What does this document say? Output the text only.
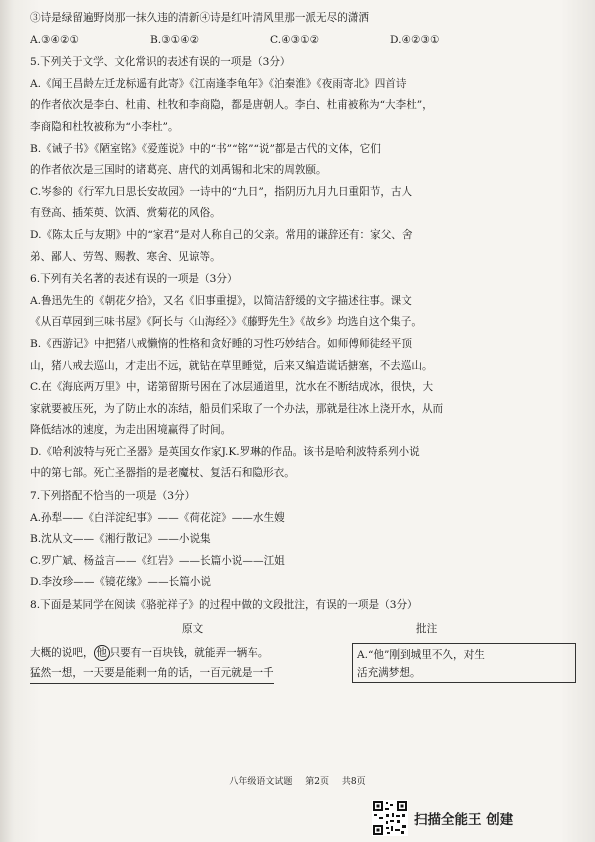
③诗是绿留遍野岗那一抹久违的清新④诗是红叶清风里那一派无尽的潇洒
A.③④②①	B.③①④②	C.④③①②	D.④②③①
5.下列关于文学、文化常识的表述有误的一项是（3分）
A.《闻王昌龄左迁龙标遥有此寄》《江南逢李龟年》《泊秦淮》《夜雨寄北》四首诗
的作者依次是李白、杜甫、杜牧和李商隐，都是唐朝人。李白、杜甫被称为“大李杜”，
李商隐和杜牧被称为“小李杜”。
B.《诫子书》《陋室铭》《爱莲说》中的“书”“铭”“说”都是古代的文体，它们
的作者依次是三国时的诸葛亮、唐代的刘禹锡和北宋的周敦颐。
C.岑参的《行军九日思长安故园》一诗中的“九日”，指阴历九月九日重阳节，古人
有登高、插茱萸、饮酒、赏菊花的风俗。
D.《陈太丘与友期》中的“家君”是对人称自己的父亲。常用的谦辞还有：家父、舍
弟、鄙人、劳驾、赐教、寒舍、见谅等。
6.下列有关名著的表述有误的一项是（3分）
A.鲁迅先生的《朝花夕拾》，又名《旧事重提》，以简洁舒缓的文字描述往事。课文
《从百草园到三味书屋》《阿长与〈山海经〉》《藤野先生》《故乡》均选自这个集子。
B.《西游记》中把猪八戒懒惰的性格和贪好睡的习性巧妙结合。如师傅师徒经平顶
山，猪八戒去巡山，才走出不远，就钻在草里睡觉，后来又编造谎话搪塞，不去巡山。
C.在《海底两万里》中，诺第留斯号困在了冰层通道里，沈水在不断结成冰，很快，大
家就要被压死，为了防止水的冻结，船员们采取了一个办法，那就是往冰上浇开水，从而
降低结冰的速度，为走出困境赢得了时间。
D.《哈利波特与死亡圣器》是英国女作家J.K.罗琳的作品。该书是哈利波特系列小说
中的第七部。死亡圣器指的是老魔杖、复活石和隐形衣。
7.下列搭配不恰当的一项是（3分）
A.孙犁——《白洋淀纪事》——《荷花淀》——水生嫂
B.沈从文——《湘行散记》——小说集
C.罗广斌、杨益言——《红岩》——长篇小说——江姐
D.李汝珍——《镜花缘》——长篇小说
8.下面是某同学在阅读《骆驼祥子》的过程中做的文段批注，有误的一项是（3分）
原文	批注
大概的说吧， 他 只要有一百块钱，就能弄一辆车。
猛然一想，一天要是能剩一角的话，一百元就是一千
A.“他”刚到城里不久，对生
活充满梦想。
八年级语文试题 第2页 共8页
扫描全能王 创建
